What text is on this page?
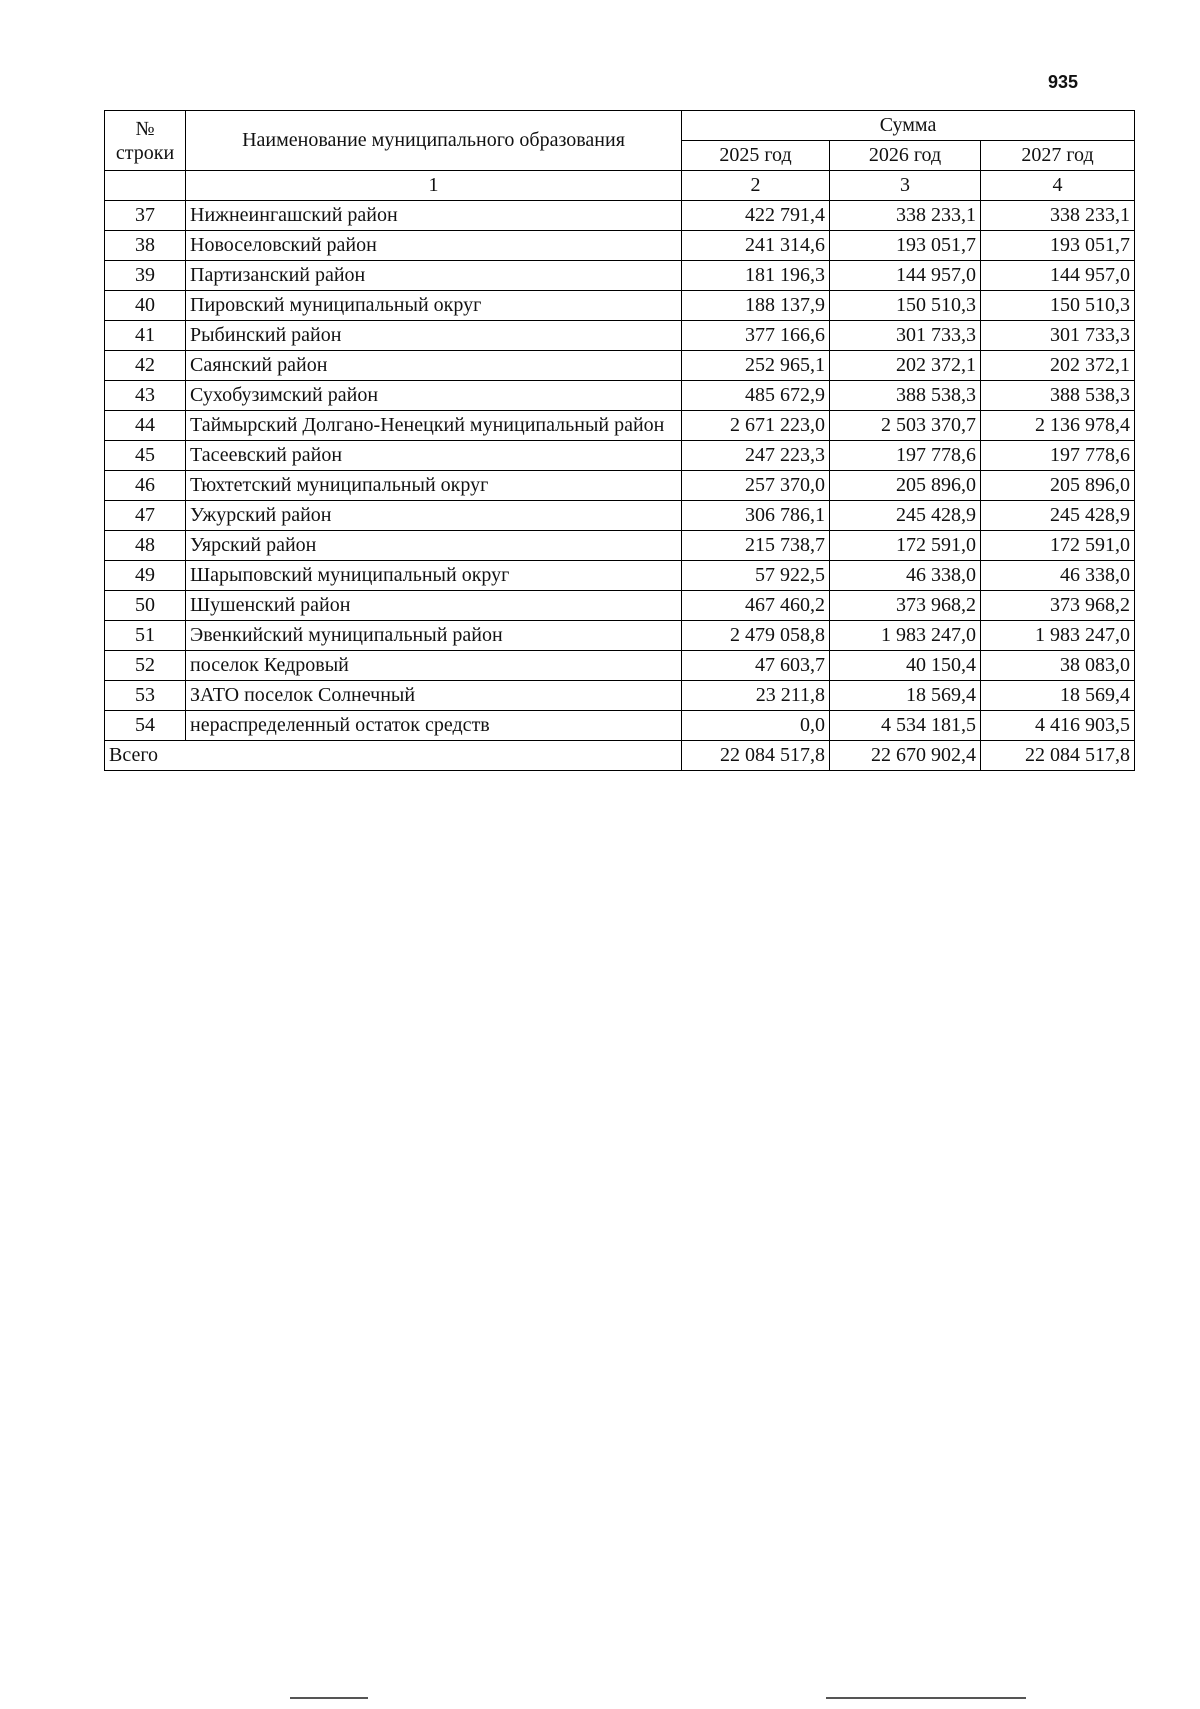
935
№ строки	Наименование муниципального образования	Сумма		
		2025 год	2026 год	2027 год
	1	2	3	4
37	Нижнеингашский район	422 791,4	338 233,1	338 233,1
38	Новоселовский район	241 314,6	193 051,7	193 051,7
39	Партизанский район	181 196,3	144 957,0	144 957,0
40	Пировский муниципальный округ	188 137,9	150 510,3	150 510,3
41	Рыбинский район	377 166,6	301 733,3	301 733,3
42	Саянский район	252 965,1	202 372,1	202 372,1
43	Сухобузимский район	485 672,9	388 538,3	388 538,3
44	Таймырский Долгано-Ненецкий муниципальный район	2 671 223,0	2 503 370,7	2 136 978,4
45	Тасеевский район	247 223,3	197 778,6	197 778,6
46	Тюхтетский муниципальный округ	257 370,0	205 896,0	205 896,0
47	Ужурский район	306 786,1	245 428,9	245 428,9
48	Уярский район	215 738,7	172 591,0	172 591,0
49	Шарыповский муниципальный округ	57 922,5	46 338,0	46 338,0
50	Шушенский район	467 460,2	373 968,2	373 968,2
51	Эвенкийский муниципальный район	2 479 058,8	1 983 247,0	1 983 247,0
52	поселок Кедровый	47 603,7	40 150,4	38 083,0
53	ЗАТО поселок Солнечный	23 211,8	18 569,4	18 569,4
54	нераспределенный остаток средств	0,0	4 534 181,5	4 416 903,5
Всего		22 084 517,8	22 670 902,4	22 084 517,8
